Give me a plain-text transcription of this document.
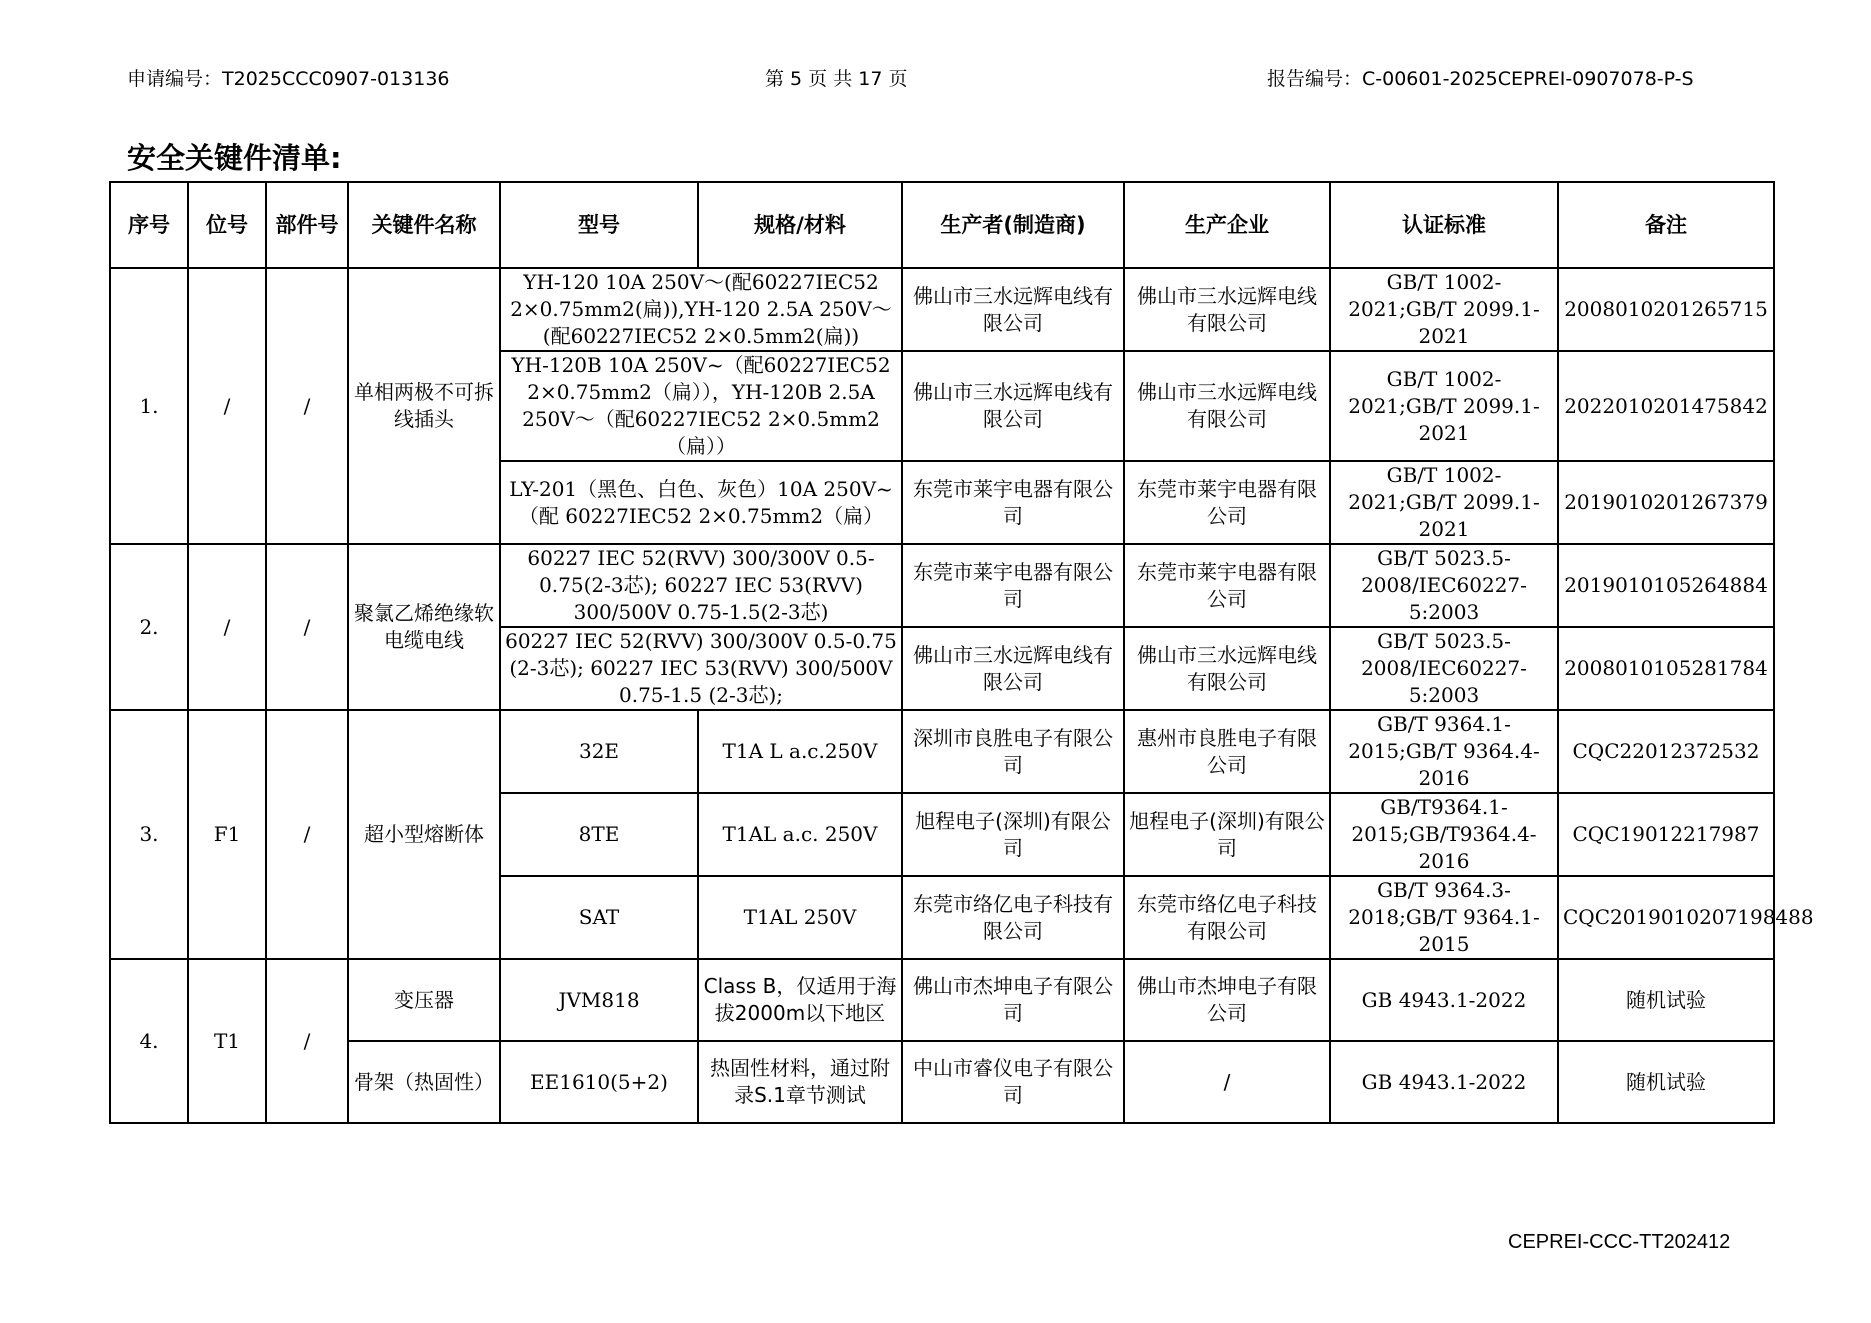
申请编号：T2025CCC0907-013136	第 5 页 共 17 页	报告编号：C-00601-2025CEPREI-0907078-P-S
安全关键件清单:
序号	位号	部件号	关键件名称	型号	规格/材料	生产者(制造商)	生产企业	认证标准	备注
1.	/	/	单相两极不可拆线插头	YH-120 10A 250V～(配60227IEC52 2×0.75mm2(扁)),YH-120 2.5A 250V～(配60227IEC52 2×0.5mm2(扁))		佛山市三水远辉电线有限公司	佛山市三水远辉电线有限公司	GB/T 1002-2021;GB/T 2099.1-2021	2008010201265715
				YH-120B 10A 250V~（配60227IEC52 2×0.75mm2（扁）），YH-120B 2.5A 250V～（配60227IEC52 2×0.5mm2（扁））		佛山市三水远辉电线有限公司	佛山市三水远辉电线有限公司	GB/T 1002-2021;GB/T 2099.1-2021	2022010201475842
				LY-201（黑色、白色、灰色）10A 250V~（配 60227IEC52 2×0.75mm2（扁）		东莞市莱宇电器有限公司	东莞市莱宇电器有限公司	GB/T 1002-2021;GB/T 2099.1-2021	2019010201267379
2.	/	/	聚氯乙烯绝缘软电缆电线	60227 IEC 52(RVV) 300/300V 0.5-0.75(2-3芯); 60227 IEC 53(RVV) 300/500V 0.75-1.5(2-3芯)		东莞市莱宇电器有限公司	东莞市莱宇电器有限公司	GB/T 5023.5-2008/IEC60227-5:2003	2019010105264884
				60227 IEC 52(RVV) 300/300V 0.5-0.75 (2-3芯); 60227 IEC 53(RVV) 300/500V 0.75-1.5 (2-3芯);		佛山市三水远辉电线有限公司	佛山市三水远辉电线有限公司	GB/T 5023.5-2008/IEC60227-5:2003	2008010105281784
3.	F1	/	超小型熔断体	32E	T1A L a.c.250V	深圳市良胜电子有限公司	惠州市良胜电子有限公司	GB/T 9364.1-2015;GB/T 9364.4-2016	CQC22012372532
				8TE	T1AL a.c. 250V	旭程电子(深圳)有限公司	旭程电子(深圳)有限公司	GB/T9364.1-2015;GB/T9364.4-2016	CQC19012217987
				SAT	T1AL 250V	东莞市络亿电子科技有限公司	东莞市络亿电子科技有限公司	GB/T 9364.3-2018;GB/T 9364.1-2015	CQC2019010207198488
4.	T1	/	变压器	JVM818	Class B，仅适用于海拔2000m以下地区	佛山市杰坤电子有限公司	佛山市杰坤电子有限公司	GB 4943.1-2022	随机试验
			骨架（热固性）	EE1610(5+2)	热固性材料，通过附录S.1章节测试	中山市睿仪电子有限公司	/	GB 4943.1-2022	随机试验
CEPREI-CCC-TT202412
